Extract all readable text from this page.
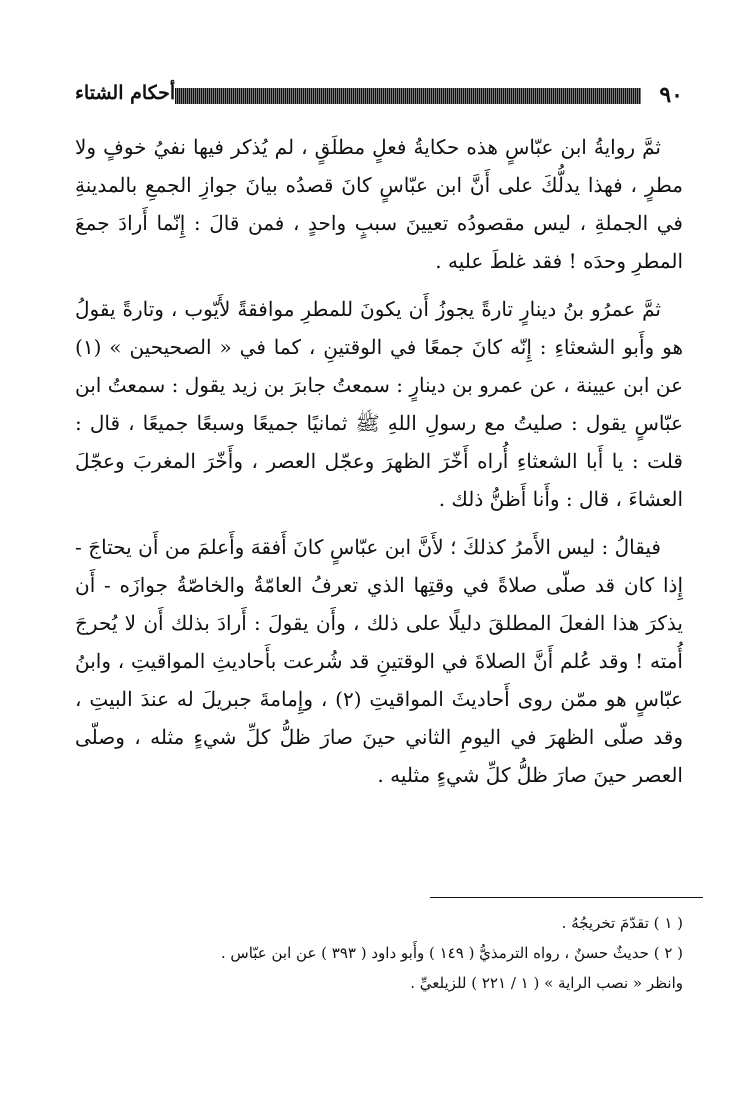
٩٠
أحكام الشتاء

ثمَّ روايةُ ابن عبّاسٍ هذه حكايةُ فعلٍ مطلَقٍ ، لم يُذكر فيها نفيُ خوفٍ ولا مطرٍ ، فهذا يدلُّكَ على أَنَّ ابن عبّاسٍ كانَ قصدُه بيانَ جوازِ الجمعِ بالمدينةِ في الجملةِ ، ليس مقصودُه تعيينَ سببٍ واحدٍ ، فمن قالَ : إِنّما أَرادَ جمعَ المطرِ وحدَه ! فقد غلطَ عليه .

ثمَّ عمرُو بنُ دينارٍ تارةً يجوزُ أَن يكونَ للمطرِ موافقةً لأَيّوب ، وتارةً يقولُ هو وأَبو الشعثاءِ : إِنّه كانَ جمعًا في الوقتينِ ، كما في « الصحيحين » (١) عن ابن عيينة ، عن عمرو بن دينارٍ : سمعتُ جابرَ بن زيد يقول : سمعتُ ابن عبّاسٍ يقول : صليتُ مع رسولِ اللهِ ﷺ ثمانيًا جميعًا وسبعًا جميعًا ، قال : قلت : يا أَبا الشعثاءِ أُراه أَخّرَ الظهرَ وعجّل العصر ، وأَخّرَ المغربَ وعجّلَ العشاءَ ، قال : وأَنا أَظنُّ ذلك .

فيقالُ : ليس الأَمرُ كذلكَ ؛ لأَنَّ ابن عبّاسٍ كانَ أَفقهَ وأَعلمَ من أَن يحتاجَ - إِذا كان قد صلّى صلاةً في وقتِها الذي تعرفُ العامّةُ والخاصّةُ جوازَه - أَن يذكرَ هذا الفعلَ المطلقَ دليلًا على ذلك ، وأَن يقولَ : أَرادَ بذلك أَن لا يُحرجَ أُمته ! وقد عُلم أَنَّ الصلاةَ في الوقتينِ قد شُرعت بأَحاديثِ المواقيتِ ، وابنُ عبّاسٍ هو ممّن روى أَحاديثَ المواقيتِ (٢) ، وإِمامةَ جبريلَ له عندَ البيتِ ، وقد صلّى الظهرَ في اليومِ الثاني حينَ صارَ ظلُّ كلِّ شيءٍ مثله ، وصلّى العصر حينَ صارَ ظلُّ كلِّ شيءٍ مثليه .

( ١ ) تقدّمَ تخريجُهُ .
( ٢ ) حديثٌ حسنٌ ، رواه الترمذيُّ ( ١٤٩ ) وأَبو داود ( ٣٩٣ ) عن ابن عبّاس .
وانظر « نصب الراية » ( ١ / ٢٢١ ) للزيلعيِّ .
